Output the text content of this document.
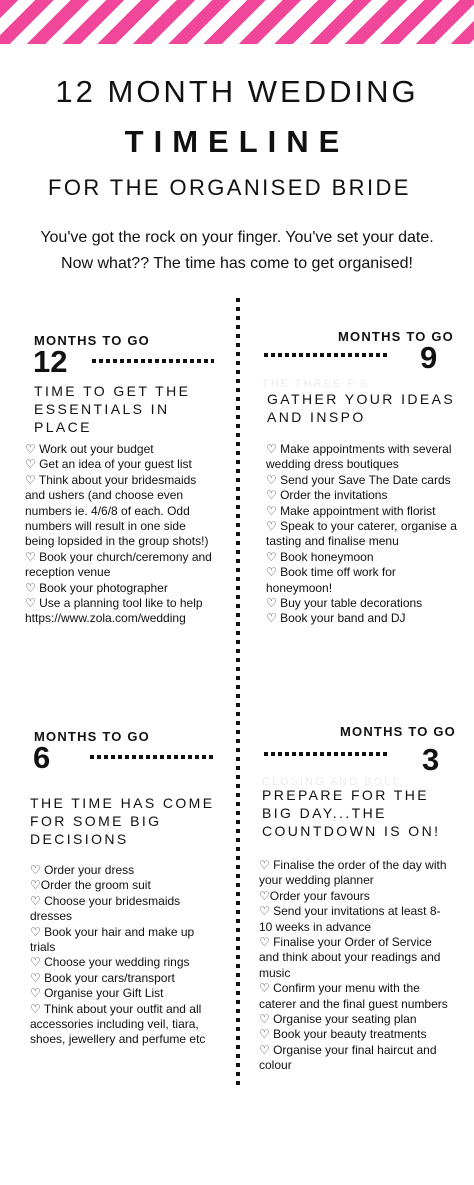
12 MONTH WEDDING
TIMELINE
FOR THE ORGANISED BRIDE
You've got the rock on your finger. You've set your date.
Now what?? The time has come to get organised!
MONTHS TO GO
12
TIME TO GET THE ESSENTIALS IN PLACE
♡ Work out your budget
♡ Get an idea of your guest list
♡ Think about your bridesmaids and ushers (and choose even numbers ie. 4/6/8 of each. Odd numbers will result in one side being lopsided in the group shots!)
♡ Book your church/ceremony and reception venue
♡ Book your photographer
♡ Use a planning tool like to help https://www.zola.com/wedding
MONTHS TO GO
9
THE THREE F'S
GATHER YOUR IDEAS AND INSPO
♡ Make appointments with several wedding dress boutiques
♡ Send your Save The Date cards
♡ Order the invitations
♡ Make appointment with florist
♡ Speak to your caterer, organise a tasting and finalise menu
♡ Book honeymoon
♡ Book time off work for honeymoon!
♡ Buy your table decorations
♡ Book your band and DJ
MONTHS TO GO
6
THE TIME HAS COME FOR SOME BIG DECISIONS
♡ Order your dress
♡Order the groom suit
♡ Choose your bridesmaids dresses
♡ Book your hair and make up trials
♡ Choose your wedding rings
♡ Book your cars/transport
♡ Organise your Gift List
♡ Think about your outfit and all accessories including veil, tiara, shoes, jewellery and perfume etc
MONTHS TO GO
3
CLOSING AND BOLT
PREPARE FOR THE BIG DAY...THE COUNTDOWN IS ON!
♡ Finalise the order of the day with your wedding planner
♡Order your favours
♡ Send your invitations at least 8-10 weeks in advance
♡ Finalise your Order of Service and think about your readings and music
♡ Confirm your menu with the caterer and the final guest numbers
♡ Organise your seating plan
♡ Book your beauty treatments
♡ Organise your final haircut and colour
